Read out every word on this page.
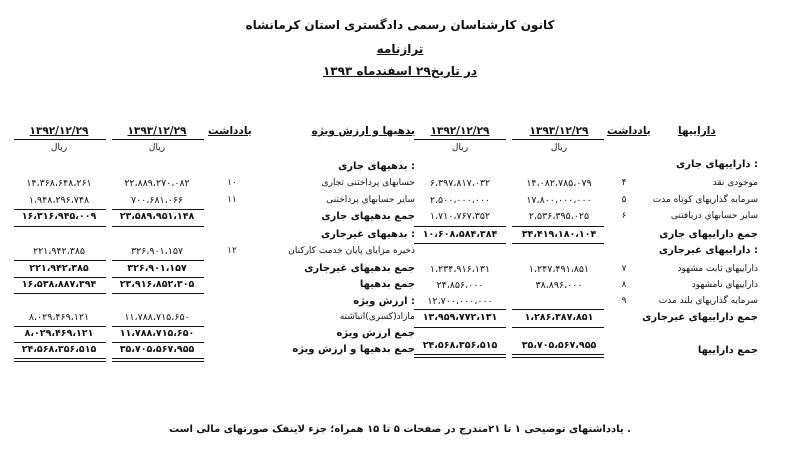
کانون کارشناسان رسمی دادگستری استان کرمانشاه
ترازنامه
در تاریخ۲۹ اسفندماه ۱۳۹۳
داراییها
یادداشت
۱۳۹۳/۱۲/۲۹
۱۳۹۲/۱۲/۲۹
ریال
ریال
بدهیها و ارزش ویژه
یادداشت
۱۳۹۳/۱۲/۲۹
۱۳۹۲/۱۲/۲۹
ریال
ریال
داراییهای جاری :
موجودی نقد
۴
۱۴،۰۸۲،۷۸۵،۰۷۹
۶،۳۹۷،۸۱۷،۰۳۲
سرمایه گذاریهای کوتاه مدت
۵
۱۷،۸۰۰،۰۰۰،۰۰۰
۲،۵۰۰،۰۰۰،۰۰۰
سایر حسابهای دریافتنی
۶
۲،۵۳۶،۳۹۵،۰۲۵
۱،۷۱۰،۷۶۷،۳۵۲
جمع داراییهای جاری
۳۴،۴۱۹،۱۸۰،۱۰۴
۱۰،۶۰۸،۵۸۴،۳۸۴
داراییهای غیرجاری :
داراییهای ثابت مشهود
۷
۱،۲۴۷،۴۹۱،۸۵۱
۱،۲۳۴،۹۱۶،۱۳۱
داراییهای نامشهود
۸
۳۸،۸۹۶،۰۰۰
۲۴،۸۵۶،۰۰۰
سرمایه گذاریهای بلند مدت
۹
۱۲،۷۰۰،۰۰۰،۰۰۰
جمع داراییهای غیرجاری
۱،۲۸۶،۳۸۷،۸۵۱
۱۳،۹۵۹،۷۷۲،۱۳۱
جمع داراییها
۳۵،۷۰۵،۵۶۷،۹۵۵
۲۴،۵۶۸،۳۵۶،۵۱۵
بدهیهای جاری :
حسابهای پرداختنی تجاری
۱۰
۲۲،۸۸۹،۲۷۰،۰۸۲
۱۴،۳۶۸،۶۴۸،۲۶۱
سایر حسابهای پرداختنی
۱۱
۷۰۰،۶۸۱،۰۶۶
۱،۹۴۸،۲۹۶،۷۴۸
جمع بدهیهای جاری
۲۳،۵۸۹،۹۵۱،۱۴۸
۱۶،۳۱۶،۹۴۵،۰۰۹
بدهیهای غیرجاری :
ذخیره مزایای پایان خدمت کارکنان
۱۲
۳۲۶،۹۰۱،۱۵۷
۲۲۱،۹۴۲،۳۸۵
جمع بدهیهای غیرجاری
۳۲۶،۹۰۱،۱۵۷
۲۲۱،۹۴۲،۳۸۵
جمع بدهیها
۲۳،۹۱۶،۸۵۲،۳۰۵
۱۶،۵۳۸،۸۸۷،۳۹۴
ارزش ویژه :
مازاد(کسری)انباشته
۱۱،۷۸۸،۷۱۵،۶۵۰
۸،۰۲۹،۴۶۹،۱۲۱
جمع ارزش ویژه
۱۱،۷۸۸،۷۱۵،۶۵۰
۸،۰۲۹،۴۶۹،۱۲۱
جمع بدهیها و ارزش ویژه
۳۵،۷۰۵،۵۶۷،۹۵۵
۲۴،۵۶۸،۳۵۶،۵۱۵
یادداشتهای توضیحی ۱ تا ۲۱مندرج در صفحات ۵ تا ۱۵ همراه؛ جزء لاینفک صورتهای مالی است .
